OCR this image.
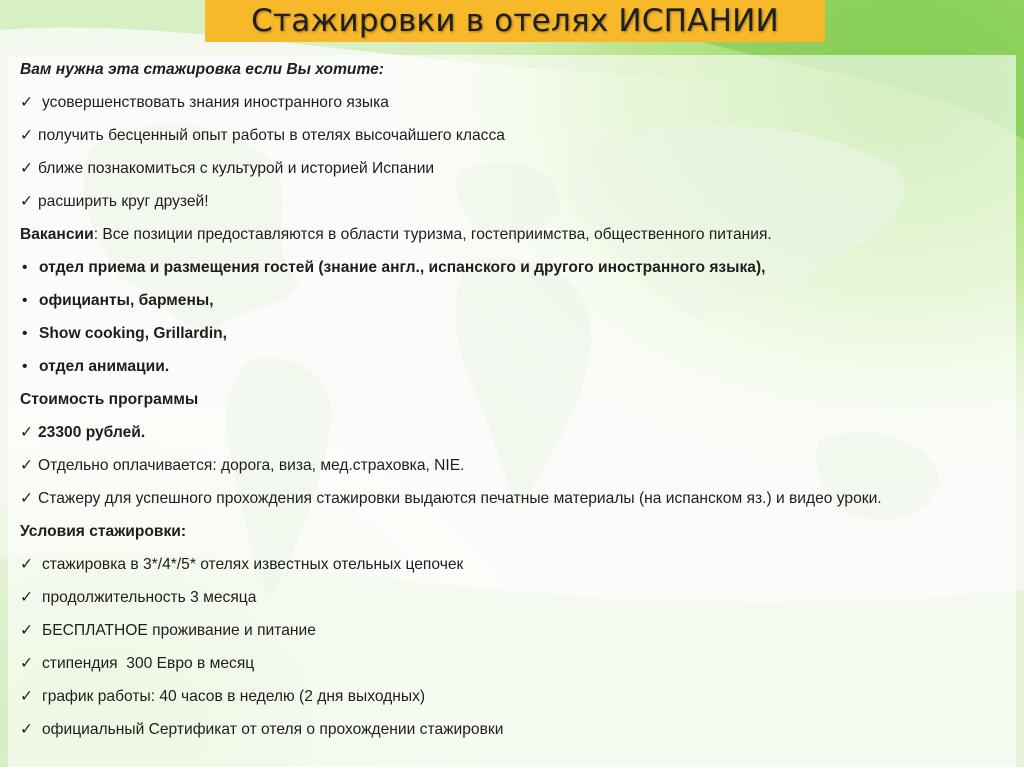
Стажировки в отелях ИСПАНИИ
Вам нужна эта стажировка если Вы хотите:
✓ усовершенствовать знания иностранного языка
✓ получить бесценный опыт работы в отелях высочайшего класса
✓ ближе познакомиться с культурой и историей Испании
✓ расширить круг друзей!
Вакансии: Все позиции предоставляются в области туризма, гостеприимства, общественного питания.
• отдел приема и размещения гостей (знание англ., испанского и другого иностранного языка),
• официанты, бармены,
• Show cooking, Grillardin,
• отдел анимации.
Стоимость программы
✓ 23300 рублей.
✓ Отдельно оплачивается: дорога, виза, мед.страховка, NIE.
✓ Стажеру для успешного прохождения стажировки выдаются печатные материалы (на испанском яз.) и видео уроки.
Условия стажировки:
✓ стажировка в 3*/4*/5* отелях известных отельных цепочек
✓ продолжительность 3 месяца
✓ БЕСПЛАТНОЕ проживание и питание
✓ стипендия  300 Евро в месяц
✓ график работы: 40 часов в неделю (2 дня выходных)
✓ официальный Сертификат от отеля о прохождении стажировки
